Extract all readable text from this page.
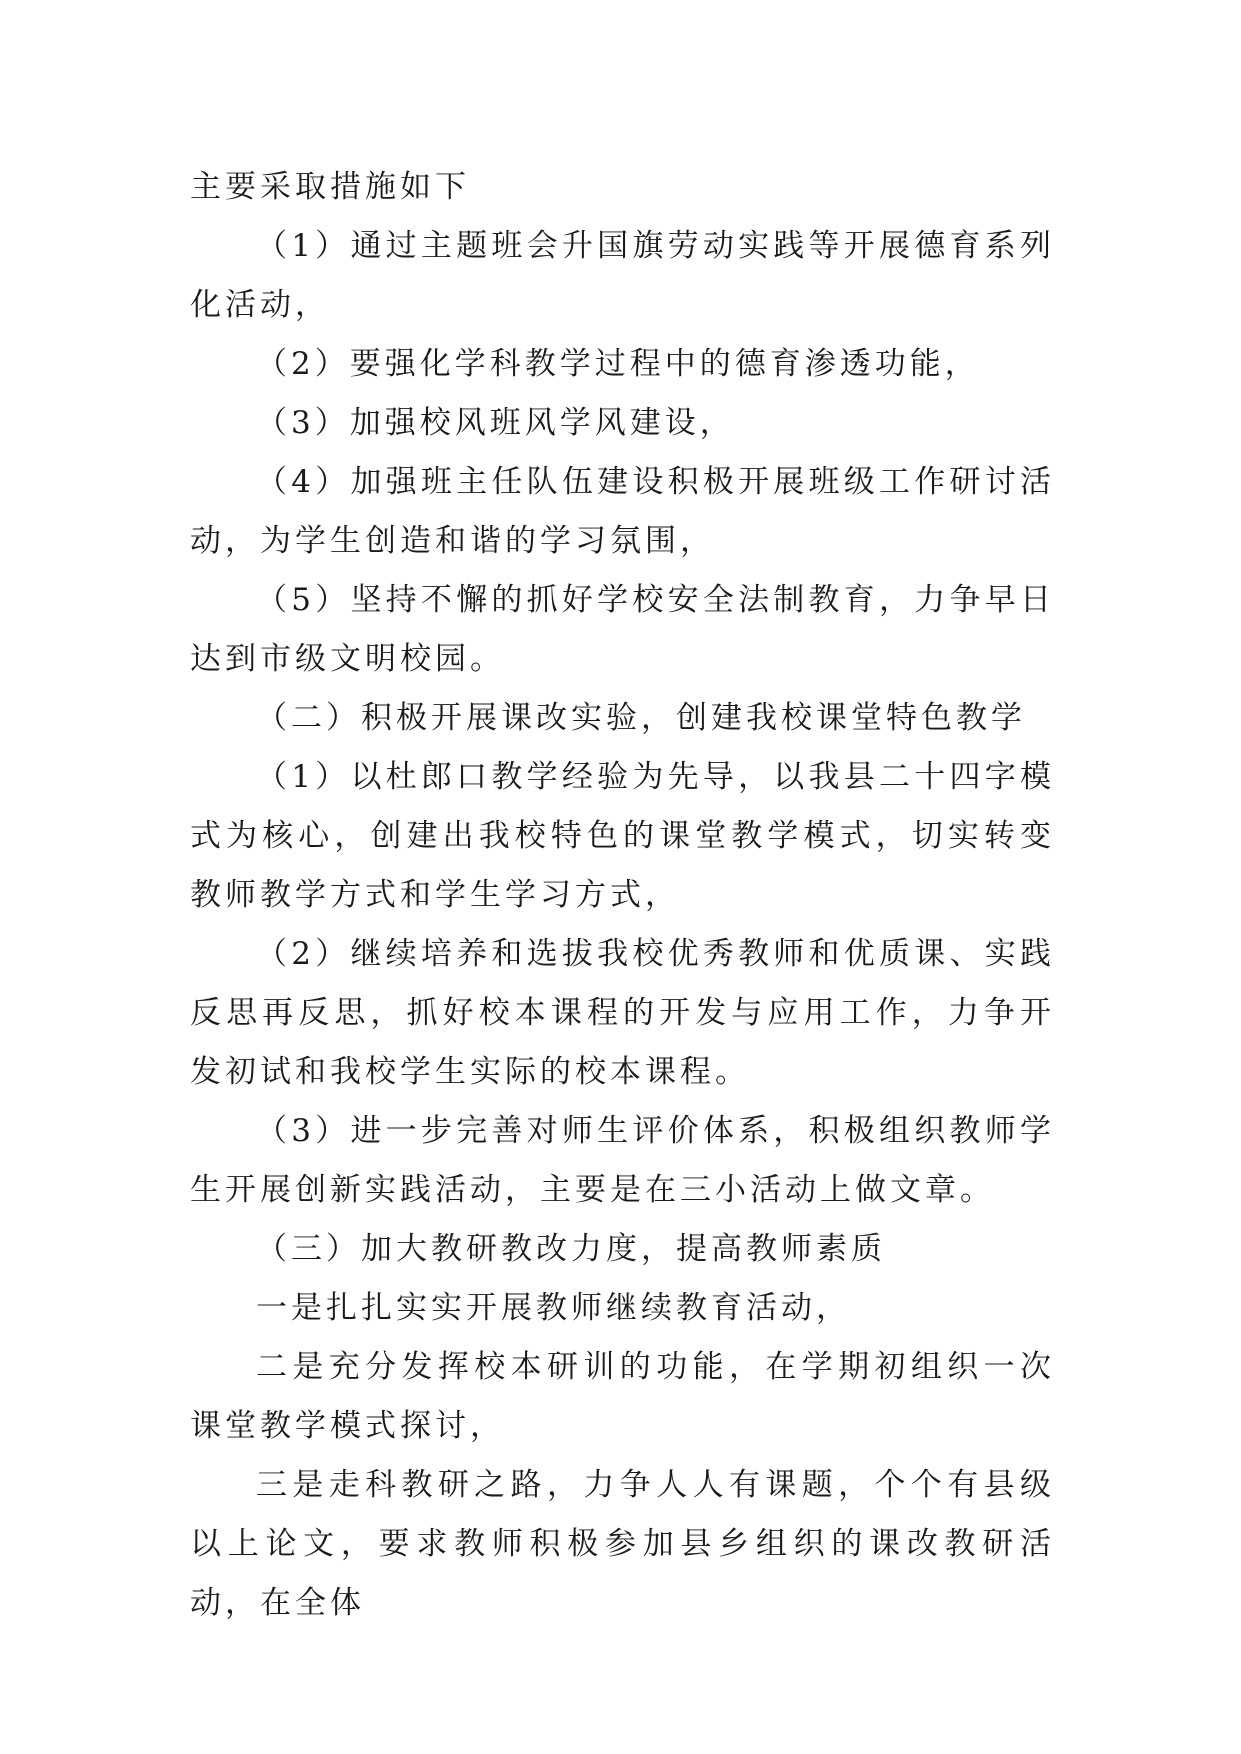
主要采取措施如下

（1）通过主题班会升国旗劳动实践等开展德育系列化活动，

（2）要强化学科教学过程中的德育渗透功能，

（3）加强校风班风学风建设，

（4）加强班主任队伍建设积极开展班级工作研讨活动，为学生创造和谐的学习氛围，

（5）坚持不懈的抓好学校安全法制教育，力争早日达到市级文明校园。

（二）积极开展课改实验，创建我校课堂特色教学

（1）以杜郎口教学经验为先导，以我县二十四字模式为核心，创建出我校特色的课堂教学模式，切实转变教师教学方式和学生学习方式，

（2）继续培养和选拔我校优秀教师和优质课、实践反思再反思，抓好校本课程的开发与应用工作，力争开发初试和我校学生实际的校本课程。

（3）进一步完善对师生评价体系，积极组织教师学生开展创新实践活动，主要是在三小活动上做文章。

（三）加大教研教改力度，提高教师素质

一是扎扎实实开展教师继续教育活动，

二是充分发挥校本研训的功能，在学期初组织一次课堂教学模式探讨，

三是走科教研之路，力争人人有课题，个个有县级以上论文，要求教师积极参加县乡组织的课改教研活动，在全体
